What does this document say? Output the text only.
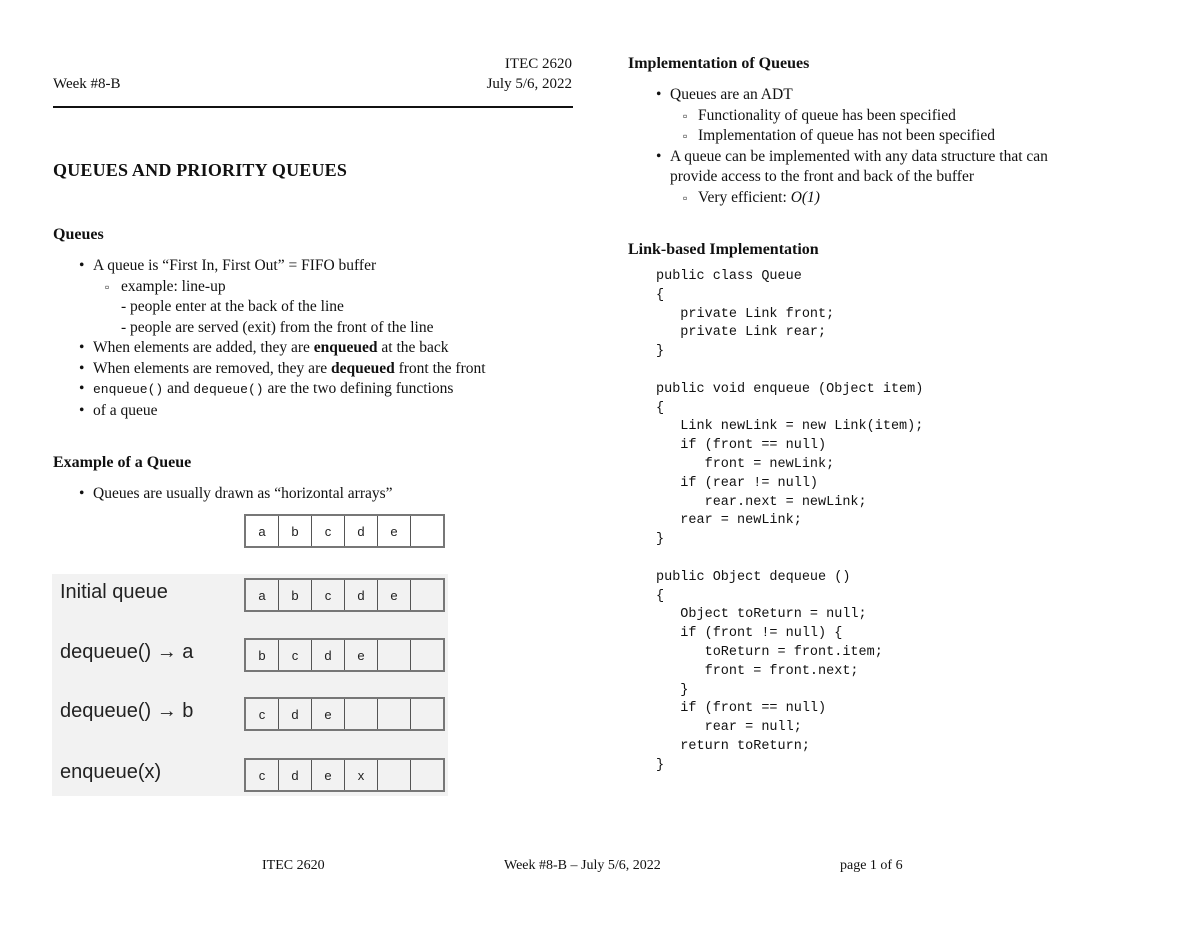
Week #8-B
ITEC 2620
July 5/6, 2022
QUEUES AND PRIORITY QUEUES
Queues
• A queue is “First In, First Out” = FIFO buffer
▫ example: line-up
- people enter at the back of the line
- people are served (exit) from the front of the line
• When elements are added, they are enqueued at the back
• When elements are removed, they are dequeued front the front
• enqueue() and dequeue() are the two defining functions
• of a queue
Example of a Queue
• Queues are usually drawn as “horizontal arrays”
a	b	c	d	e
Initial queue	a	b	c	d	e
dequeue() → a	b	c	d	e
dequeue() → b	c	d	e
enqueue(x)	c	d	e	x
Implementation of Queues
• Queues are an ADT
▫ Functionality of queue has been specified
▫ Implementation of queue has not been specified
• A queue can be implemented with any data structure that can
provide access to the front and back of the buffer
▫ Very efficient: O(1)
Link-based Implementation
public class Queue
{
private Link front;
private Link rear;
}

public void enqueue (Object item)
{
Link newLink = new Link(item);
if (front == null)
front = newLink;
if (rear != null)
rear.next = newLink;
rear = newLink;
}

public Object dequeue ()
{
Object toReturn = null;
if (front != null) {
toReturn = front.item;
front = front.next;
}
if (front == null)
rear = null;
return toReturn;
}
ITEC 2620	Week #8-B – July 5/6, 2022	page 1 of 6
